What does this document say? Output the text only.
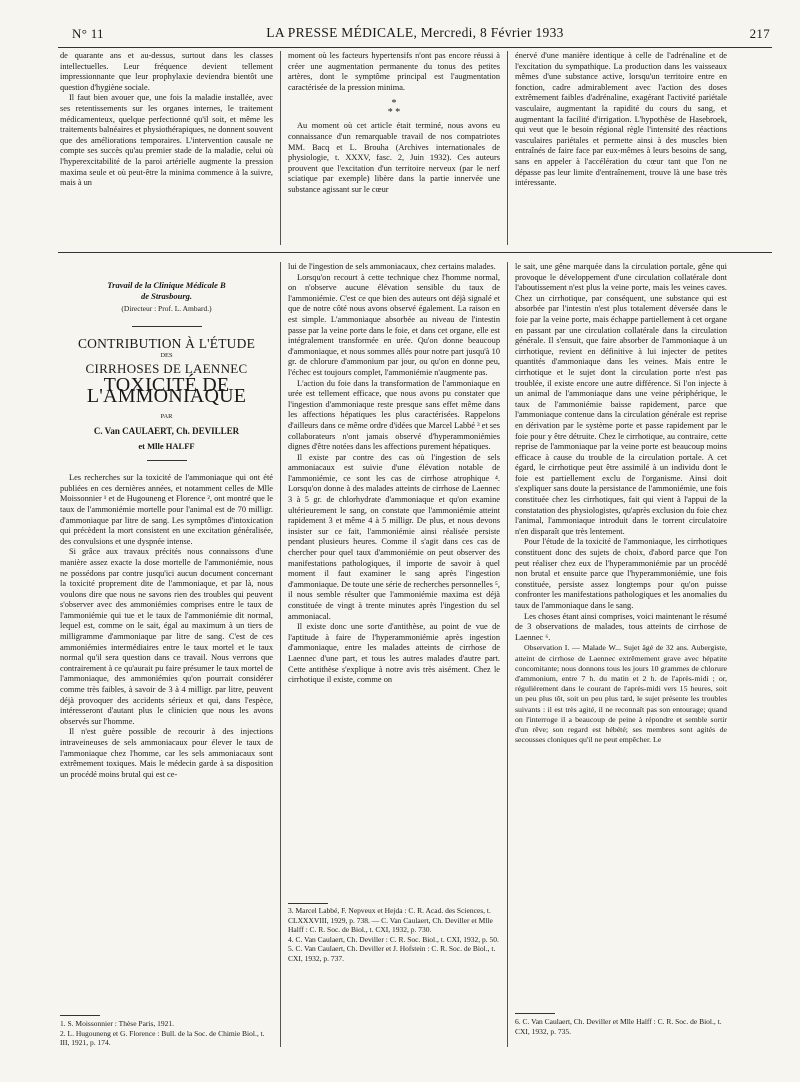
N° 11	LA PRESSE MÉDICALE, Mercredi, 8 Février 1933	217

de quarante ans et au-dessus, surtout dans les classes intellectuelles. Leur fréquence devient tellement impressionnante que leur prophylaxie deviendra bientôt une question d'hygiène sociale.

Il faut bien avouer que, une fois la maladie installée, avec ses retentissements sur les organes internes, le traitement médicamenteux, quelque perfectionné qu'il soit, et même les traitements balnéaires et physiothérapiques, ne donnent souvent que des améliorations temporaires. L'intervention causale ne compte ses succès qu'au premier stade de la maladie, celui où l'hyperexcitabilité de la paroi artérielle augmente la pression maxima seule et où peut-être la minima commence à la suivre, mais à un

moment où les facteurs hypertensifs n'ont pas encore réussi à créer une augmentation permanente du tonus des petites artères, dont le symptôme principal est l'augmentation caractérisée de la pression minima.

*
* *

Au moment où cet article était terminé, nous avons eu connaissance d'un remarquable travail de nos compatriotes MM. Bacq et L. Brouha (Archives internationales de physiologie, t. XXXV, fasc. 2, Juin 1932). Ces auteurs prouvent que l'excitation d'un territoire nerveux (par le nerf sciatique par exemple) libère dans la partie innervée une substance agissant sur le cœur

énervé d'une manière identique à celle de l'adrénaline et de l'excitation du sympathique. La production dans les vaisseaux mêmes d'une substance active, lorsqu'un territoire entre en fonction, cadre admirablement avec l'action des doses extrêmement faibles d'adrénaline, exagérant l'activité pariétale vasculaire, augmentant la rapidité du cours du sang, et augmentant la facilité d'irrigation. L'hypothèse de Hasebroek, qui veut que le besoin régional règle l'intensité des réactions vasculaires pariétales et permette ainsi à des muscles bien entraînés de faire face par eux-mêmes à leurs besoins de sang, sans en appeler à l'accélération du cœur tant que l'on ne dépasse pas leur limite d'entraînement, trouve là une base très intéressante.

Travail de la Clinique Médicale B
de Strasbourg.
(Directeur : Prof. L. Ambard.)
CONTRIBUTION À L'ÉTUDE
DES
CIRRHOSES DE LAENNEC
TOXICITÉ DE L'AMMONIAQUE
PAR
C. Van CAULAERT, Ch. DEVILLER
et Mlle HALFF

Les recherches sur la toxicité de l'ammoniaque qui ont été publiées en ces dernières années, et notamment celles de Mlle Moissonnier ¹ et de Hugouneng et Florence ², ont montré que le taux de l'ammoniémie mortelle pour l'animal est de 70 milligr. d'ammoniaque par litre de sang. Les symptômes d'intoxication qui précèdent la mort consistent en une excitation généralisée, des convulsions et une dyspnée intense.

Si grâce aux travaux précités nous connaissons d'une manière assez exacte la dose mortelle de l'ammoniémie, nous ne possédons par contre jusqu'ici aucun document concernant la toxicité proprement dite de l'ammoniaque, et par là, nous voulons dire que nous ne savons rien des troubles qui peuvent s'observer avec des ammoniémies comprises entre le taux de l'ammoniémie qui tue et le taux de l'ammoniémie dit normal, lequel est, comme on le sait, égal au maximum à un tiers de milligramme d'ammoniaque par litre de sang. C'est de ces ammoniémies intermédiaires entre le taux mortel et le taux normal qu'il sera question dans ce travail. Nous verrons que contrairement à ce qu'aurait pu faire présumer le taux mortel de l'ammoniaque, des ammoniémies qu'on pourrait considérer comme très faibles, à savoir de 3 à 4 milligr. par litre, peuvent déjà provoquer des accidents sérieux et qui, dans l'espèce, intéresseront d'autant plus le clinicien que nous les avons observés sur l'homme.

Il n'est guère possible de recourir à des injections intraveineuses de sels ammoniacaux pour élever le taux de l'ammoniaque chez l'homme, car les sels ammoniacaux sont extrêmement toxiques. Mais le médecin garde à sa disposition un procédé moins brutal qui est ce-

1. S. Moissonnier : Thèse Paris, 1921.
2. L. Hugouneng et G. Florence : Bull. de la Soc. de Chimie Biol., t. III, 1921, p. 174.

lui de l'ingestion de sels ammoniacaux, chez certains malades.

Lorsqu'on recourt à cette technique chez l'homme normal, on n'observe aucune élévation sensible du taux de l'ammoniémie. C'est ce que bien des auteurs ont déjà signalé et que de notre côté nous avons observé également. La raison en est simple. L'ammoniaque absorbée au niveau de l'intestin passe par la veine porte dans le foie, et dans cet organe, elle est intégralement transformée en urée. Qu'on donne beaucoup d'ammoniaque, et nous sommes allés pour notre part jusqu'à 10 gr. de chlorure d'ammonium par jour, ou qu'on en donne peu, l'échec est toujours complet, l'ammoniémie n'augmente pas.

L'action du foie dans la transformation de l'ammoniaque en urée est tellement efficace, que nous avons pu constater que l'ingestion d'ammoniaque reste presque sans effet même dans les affections hépatiques les plus caractérisées. Rappelons d'ailleurs dans ce même ordre d'idées que Marcel Labbé ³ et ses collaborateurs n'ont jamais observé d'hyperammoniémies dignes d'être notées dans les affections purement hépatiques.

Il existe par contre des cas où l'ingestion de sels ammoniacaux est suivie d'une élévation notable de l'ammoniémie, ce sont les cas de cirrhose atrophique ⁴. Lorsqu'on donne à des malades atteints de cirrhose de Laennec 3 à 5 gr. de chlorhydrate d'ammoniaque et qu'on examine ultérieurement le sang, on constate que l'ammoniémie atteint rapidement 3 et même 4 à 5 milligr. De plus, et nous devons insister sur ce fait, l'ammoniémie ainsi réalisée persiste pendant plusieurs heures. Comme il s'agit dans ces cas de chercher pour quel taux d'ammoniémie on peut observer des manifestations pathologiques, il importe de savoir à quel moment il faut examiner le sang après l'ingestion d'ammoniaque. De toute une série de recherches personnelles ⁵, il nous semble résulter que l'ammoniémie maxima est déjà constituée de vingt à trente minutes après l'ingestion du sel ammoniacal.

Il existe donc une sorte d'antithèse, au point de vue de l'aptitude à faire de l'hyperammoniémie après ingestion d'ammoniaque, entre les malades atteints de cirrhose de Laennec d'une part, et tous les autres malades d'autre part. Cette antithèse s'explique à notre avis très aisément. Chez le cirrhotique il existe, comme on

3. Marcel Labbé, F. Nepveux et Hejda : C. R. Acad. des Sciences, t. CLXXXVIII, 1929, p. 738. — C. Van Caulaert, Ch. Deviller et Mlle Halff : C. R. Soc. de Biol., t. CXI, 1932, p. 730.
4. C. Van Caulaert, Ch. Deviller : C. R. Soc. Biol., t. CXI, 1932, p. 50.
5. C. Van Caulaert, Ch. Deviller et J. Hofstein : C. R. Soc. de Biol., t. CXI, 1932, p. 737.

le sait, une gêne marquée dans la circulation portale, gêne qui provoque le développement d'une circulation collatérale dont l'aboutissement n'est plus la veine porte, mais les veines caves. Chez un cirrhotique, par conséquent, une substance qui est absorbée par l'intestin n'est plus totalement déversée dans le foie par la veine porte, mais échappe partiellement à cet organe en passant par une circulation collatérale dans la circulation générale. Il s'ensuit, que faire absorber de l'ammoniaque à un cirrhotique, revient en définitive à lui injecter de petites quantités d'ammoniaque dans les veines. Mais entre le cirrhotique et le sujet dont la circulation porte n'est pas troublée, il existe encore une autre différence. Si l'on injecte à un animal de l'ammoniaque dans une veine périphérique, le taux de l'ammoniémie baisse rapidement, parce que l'ammoniaque contenue dans la circulation générale est reprise en dérivation par le système porte et passe rapidement par le foie pour y être détruite. Chez le cirrhotique, au contraire, cette reprise de l'ammoniaque par la veine porte est beaucoup moins efficace à cause du trouble de la circulation portale. A cet égard, le cirrhotique peut être assimilé à un individu dont le foie est partiellement exclu de l'organisme. Ainsi doit s'expliquer sans doute la persistance de l'ammoniémie, une fois constituée chez les cirrhotiques, fait qui vient à l'appui de la constatation des physiologistes, qu'après exclusion du foie chez l'animal, l'ammoniaque introduit dans le torrent circulatoire n'en disparaît que très lentement.

Pour l'étude de la toxicité de l'ammoniaque, les cirrhotiques constituent donc des sujets de choix, d'abord parce que l'on peut réaliser chez eux de l'hyperammoniémie par un procédé non brutal et ensuite parce que l'hyperammoniémie, une fois constituée, persiste assez longtemps pour qu'on puisse confronter les manifestations pathologiques et les anomalies du taux de l'ammoniaque dans le sang.

Les choses étant ainsi comprises, voici maintenant le résumé de 3 observations de malades, tous atteints de cirrhose de Laennec ⁶.

Observation I. — Malade W... Sujet âgé de 32 ans. Aubergiste, atteint de cirrhose de Laennec extrêmement grave avec hépatite concomitante; nous donnons tous les jours 10 grammes de chlorure d'ammonium, entre 7 h. du matin et 2 h. de l'après-midi ; or, régulièrement dans le courant de l'après-midi vers 15 heures, soit un peu plus tôt, soit un peu plus tard, le sujet présente les troubles suivants : il est très agité, il ne reconnaît pas son entourage; quand on l'interroge il a beaucoup de peine à répondre et semble sortir d'un rêve; son regard est hébété; ses membres sont agités de secousses cloniques qu'il ne peut empêcher. Le

6. C. Van Caulaert, Ch. Deviller et Mlle Halff : C. R. Soc. de Biol., t. CXI, 1932, p. 735.
